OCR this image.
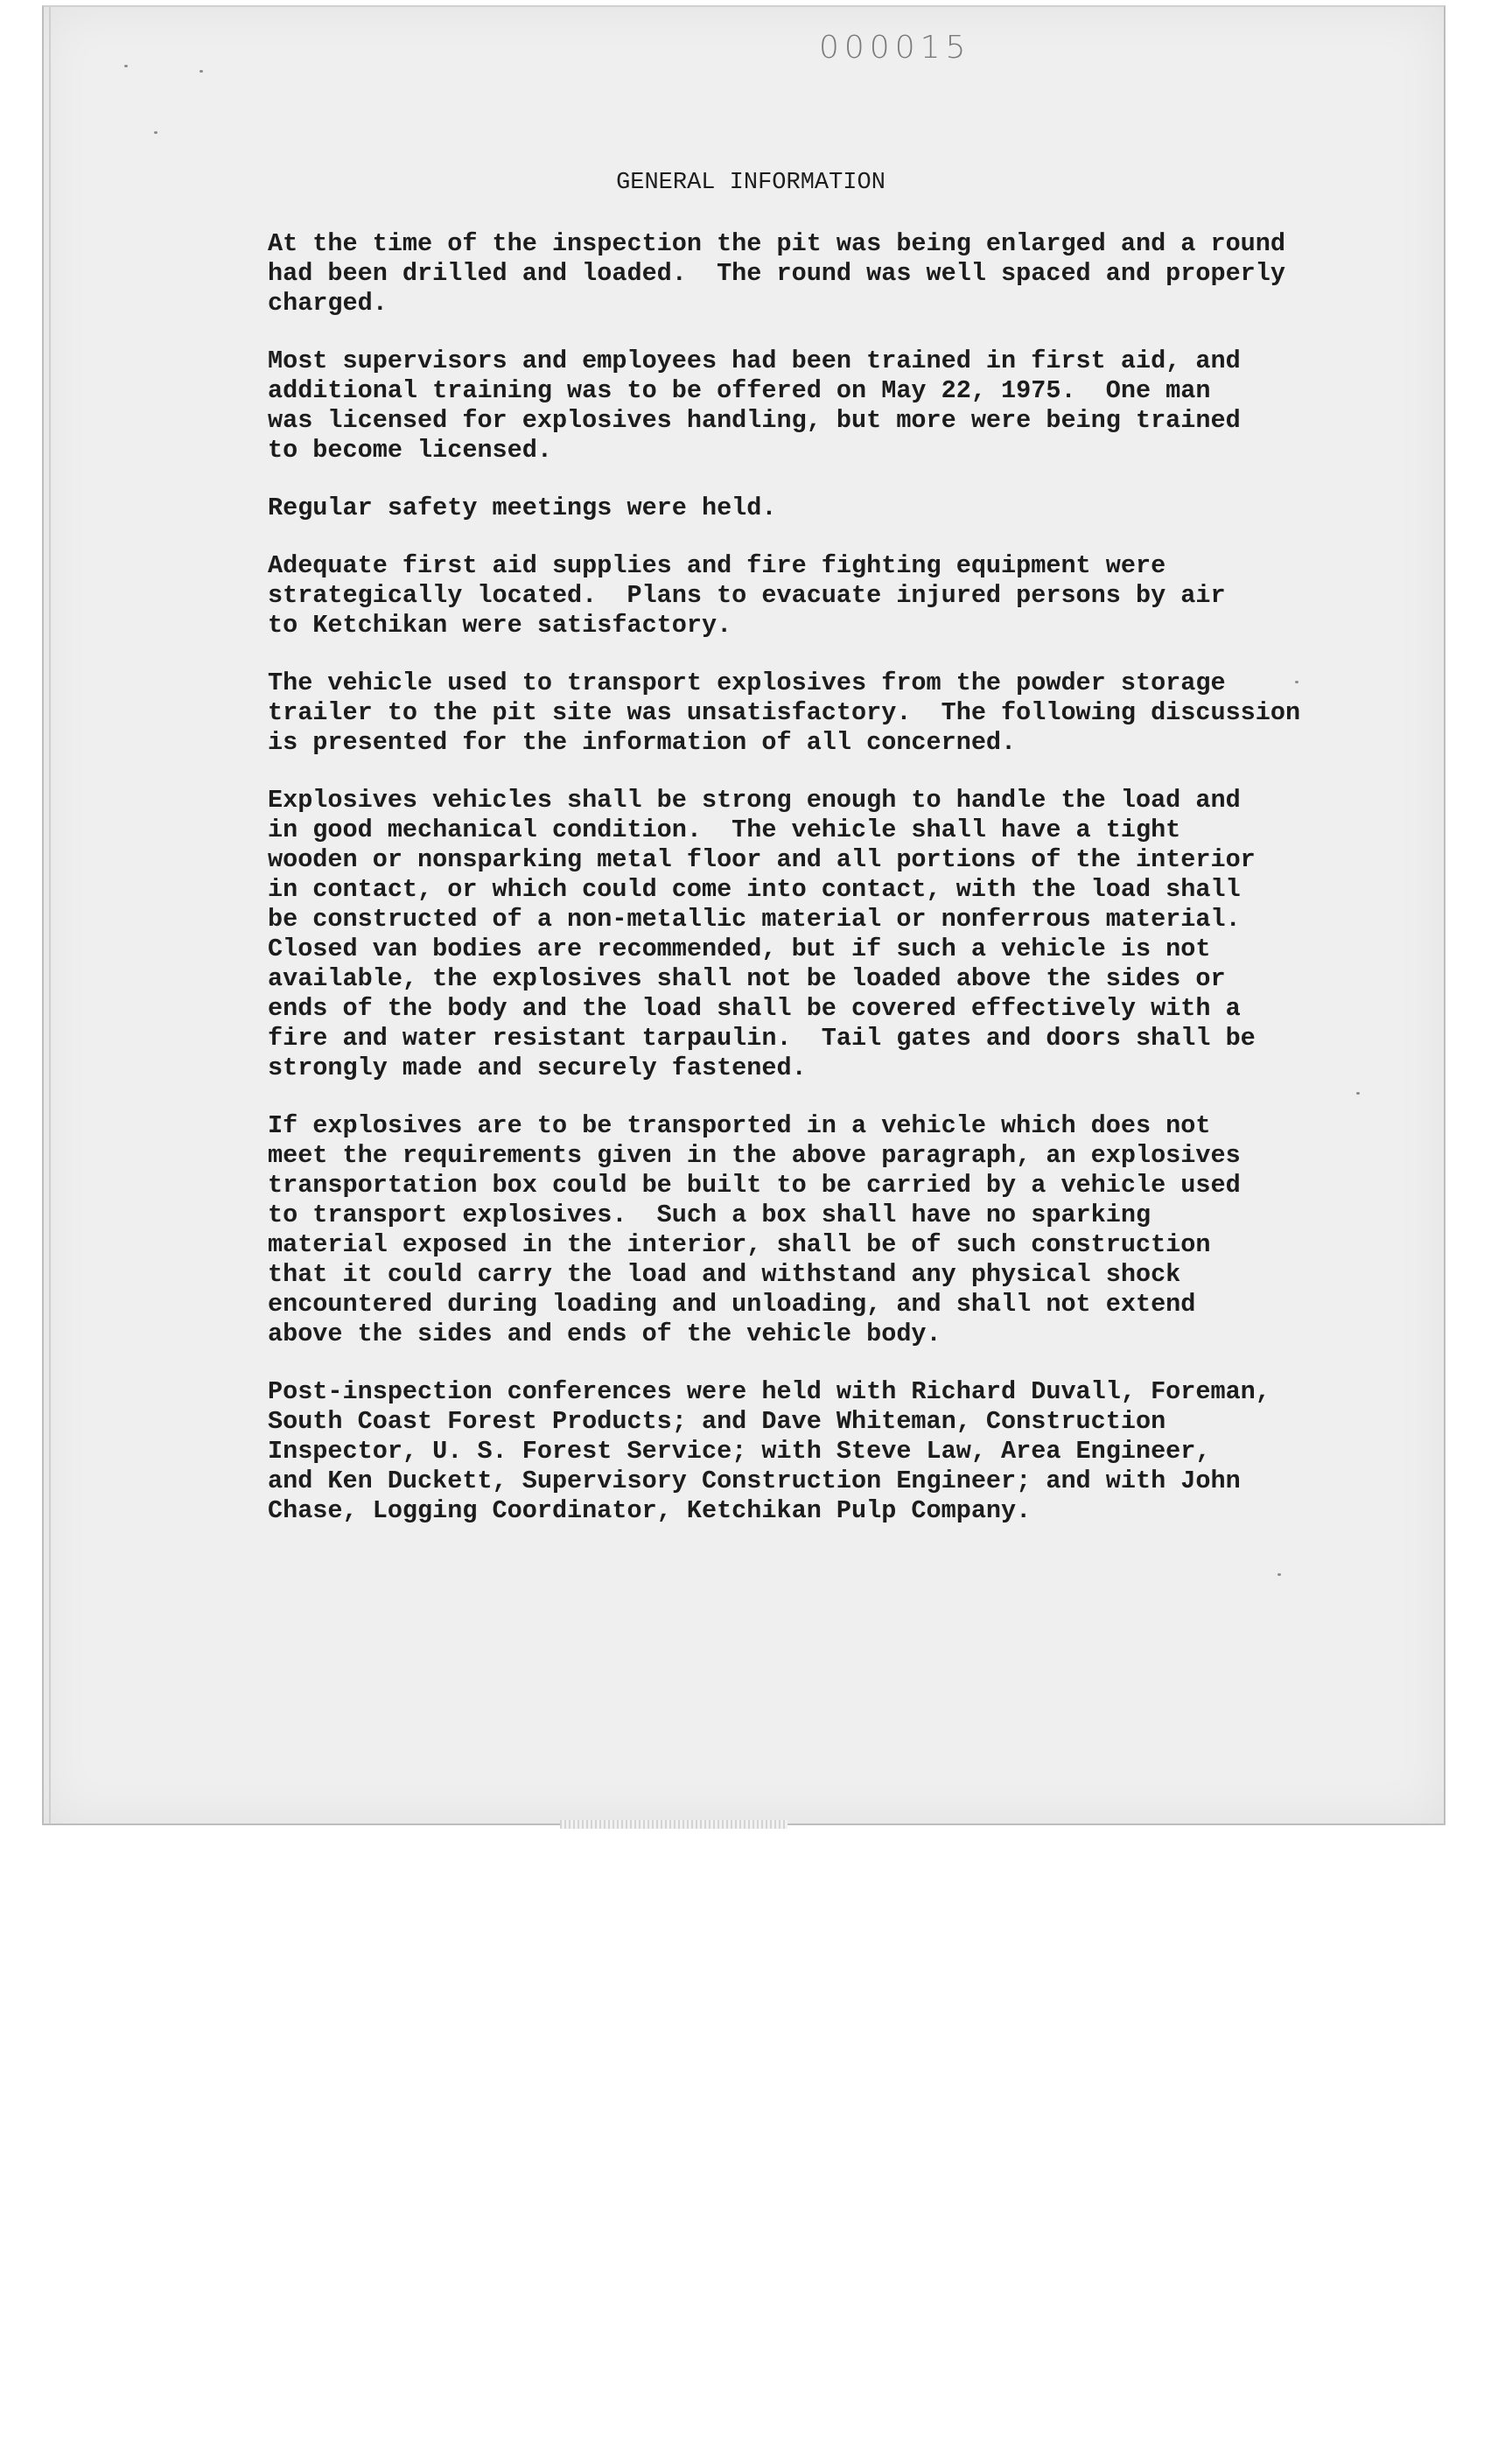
000015
GENERAL INFORMATION

At the time of the inspection the pit was being enlarged and a round
had been drilled and loaded.  The round was well spaced and properly
charged.

Most supervisors and employees had been trained in first aid, and
additional training was to be offered on May 22, 1975.  One man
was licensed for explosives handling, but more were being trained
to become licensed.

Regular safety meetings were held.

Adequate first aid supplies and fire fighting equipment were
strategically located.  Plans to evacuate injured persons by air
to Ketchikan were satisfactory.

The vehicle used to transport explosives from the powder storage
trailer to the pit site was unsatisfactory.  The following discussion
is presented for the information of all concerned.

Explosives vehicles shall be strong enough to handle the load and
in good mechanical condition.  The vehicle shall have a tight
wooden or nonsparking metal floor and all portions of the interior
in contact, or which could come into contact, with the load shall
be constructed of a non-metallic material or nonferrous material.
Closed van bodies are recommended, but if such a vehicle is not
available, the explosives shall not be loaded above the sides or
ends of the body and the load shall be covered effectively with a
fire and water resistant tarpaulin.  Tail gates and doors shall be
strongly made and securely fastened.

If explosives are to be transported in a vehicle which does not
meet the requirements given in the above paragraph, an explosives
transportation box could be built to be carried by a vehicle used
to transport explosives.  Such a box shall have no sparking
material exposed in the interior, shall be of such construction
that it could carry the load and withstand any physical shock
encountered during loading and unloading, and shall not extend
above the sides and ends of the vehicle body.

Post-inspection conferences were held with Richard Duvall, Foreman,
South Coast Forest Products; and Dave Whiteman, Construction
Inspector, U. S. Forest Service; with Steve Law, Area Engineer,
and Ken Duckett, Supervisory Construction Engineer; and with John
Chase, Logging Coordinator, Ketchikan Pulp Company.
